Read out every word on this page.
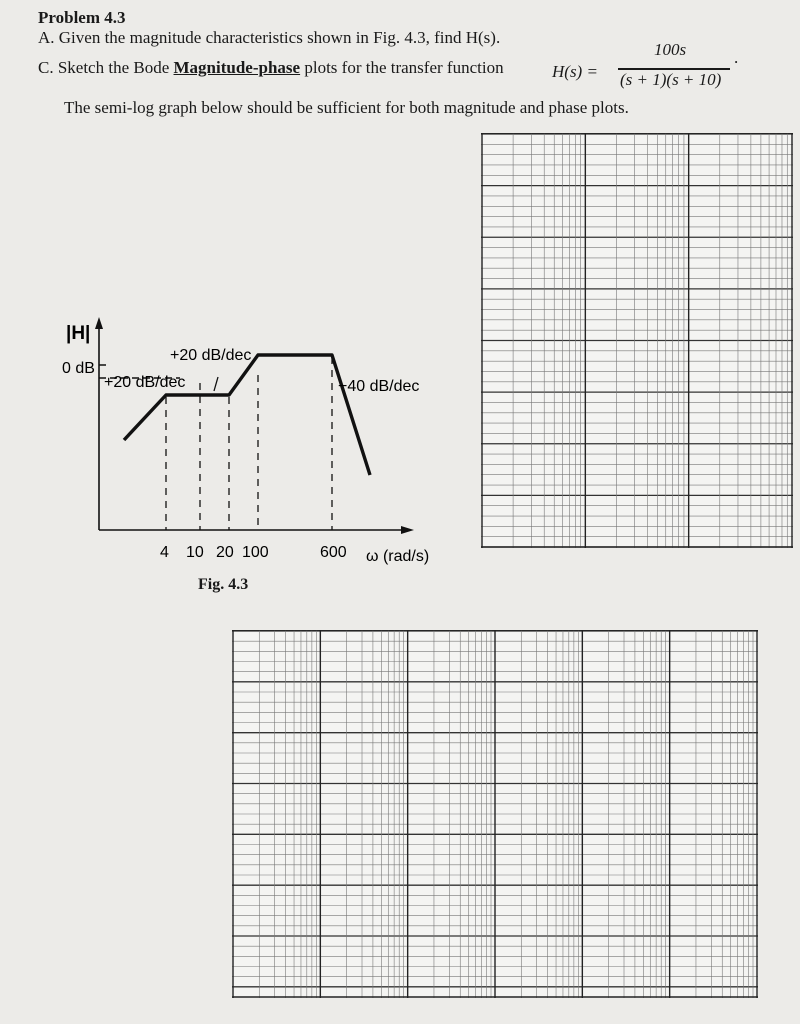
Problem 4.3
A. Given the magnitude characteristics shown in Fig. 4.3, find H(s).
C. Sketch the Bode Magnitude-phase plots for the transfer function	H(s) =
100s
(s + 1)(s + 10)
.
The semi-log graph below should be sufficient for both magnitude and phase plots.
|H|
0 dB
+20 dB/dec
+20 dB/dec	−40 dB/dec
4 10 20 100	600 ω (rad/s)
Fig. 4.3
